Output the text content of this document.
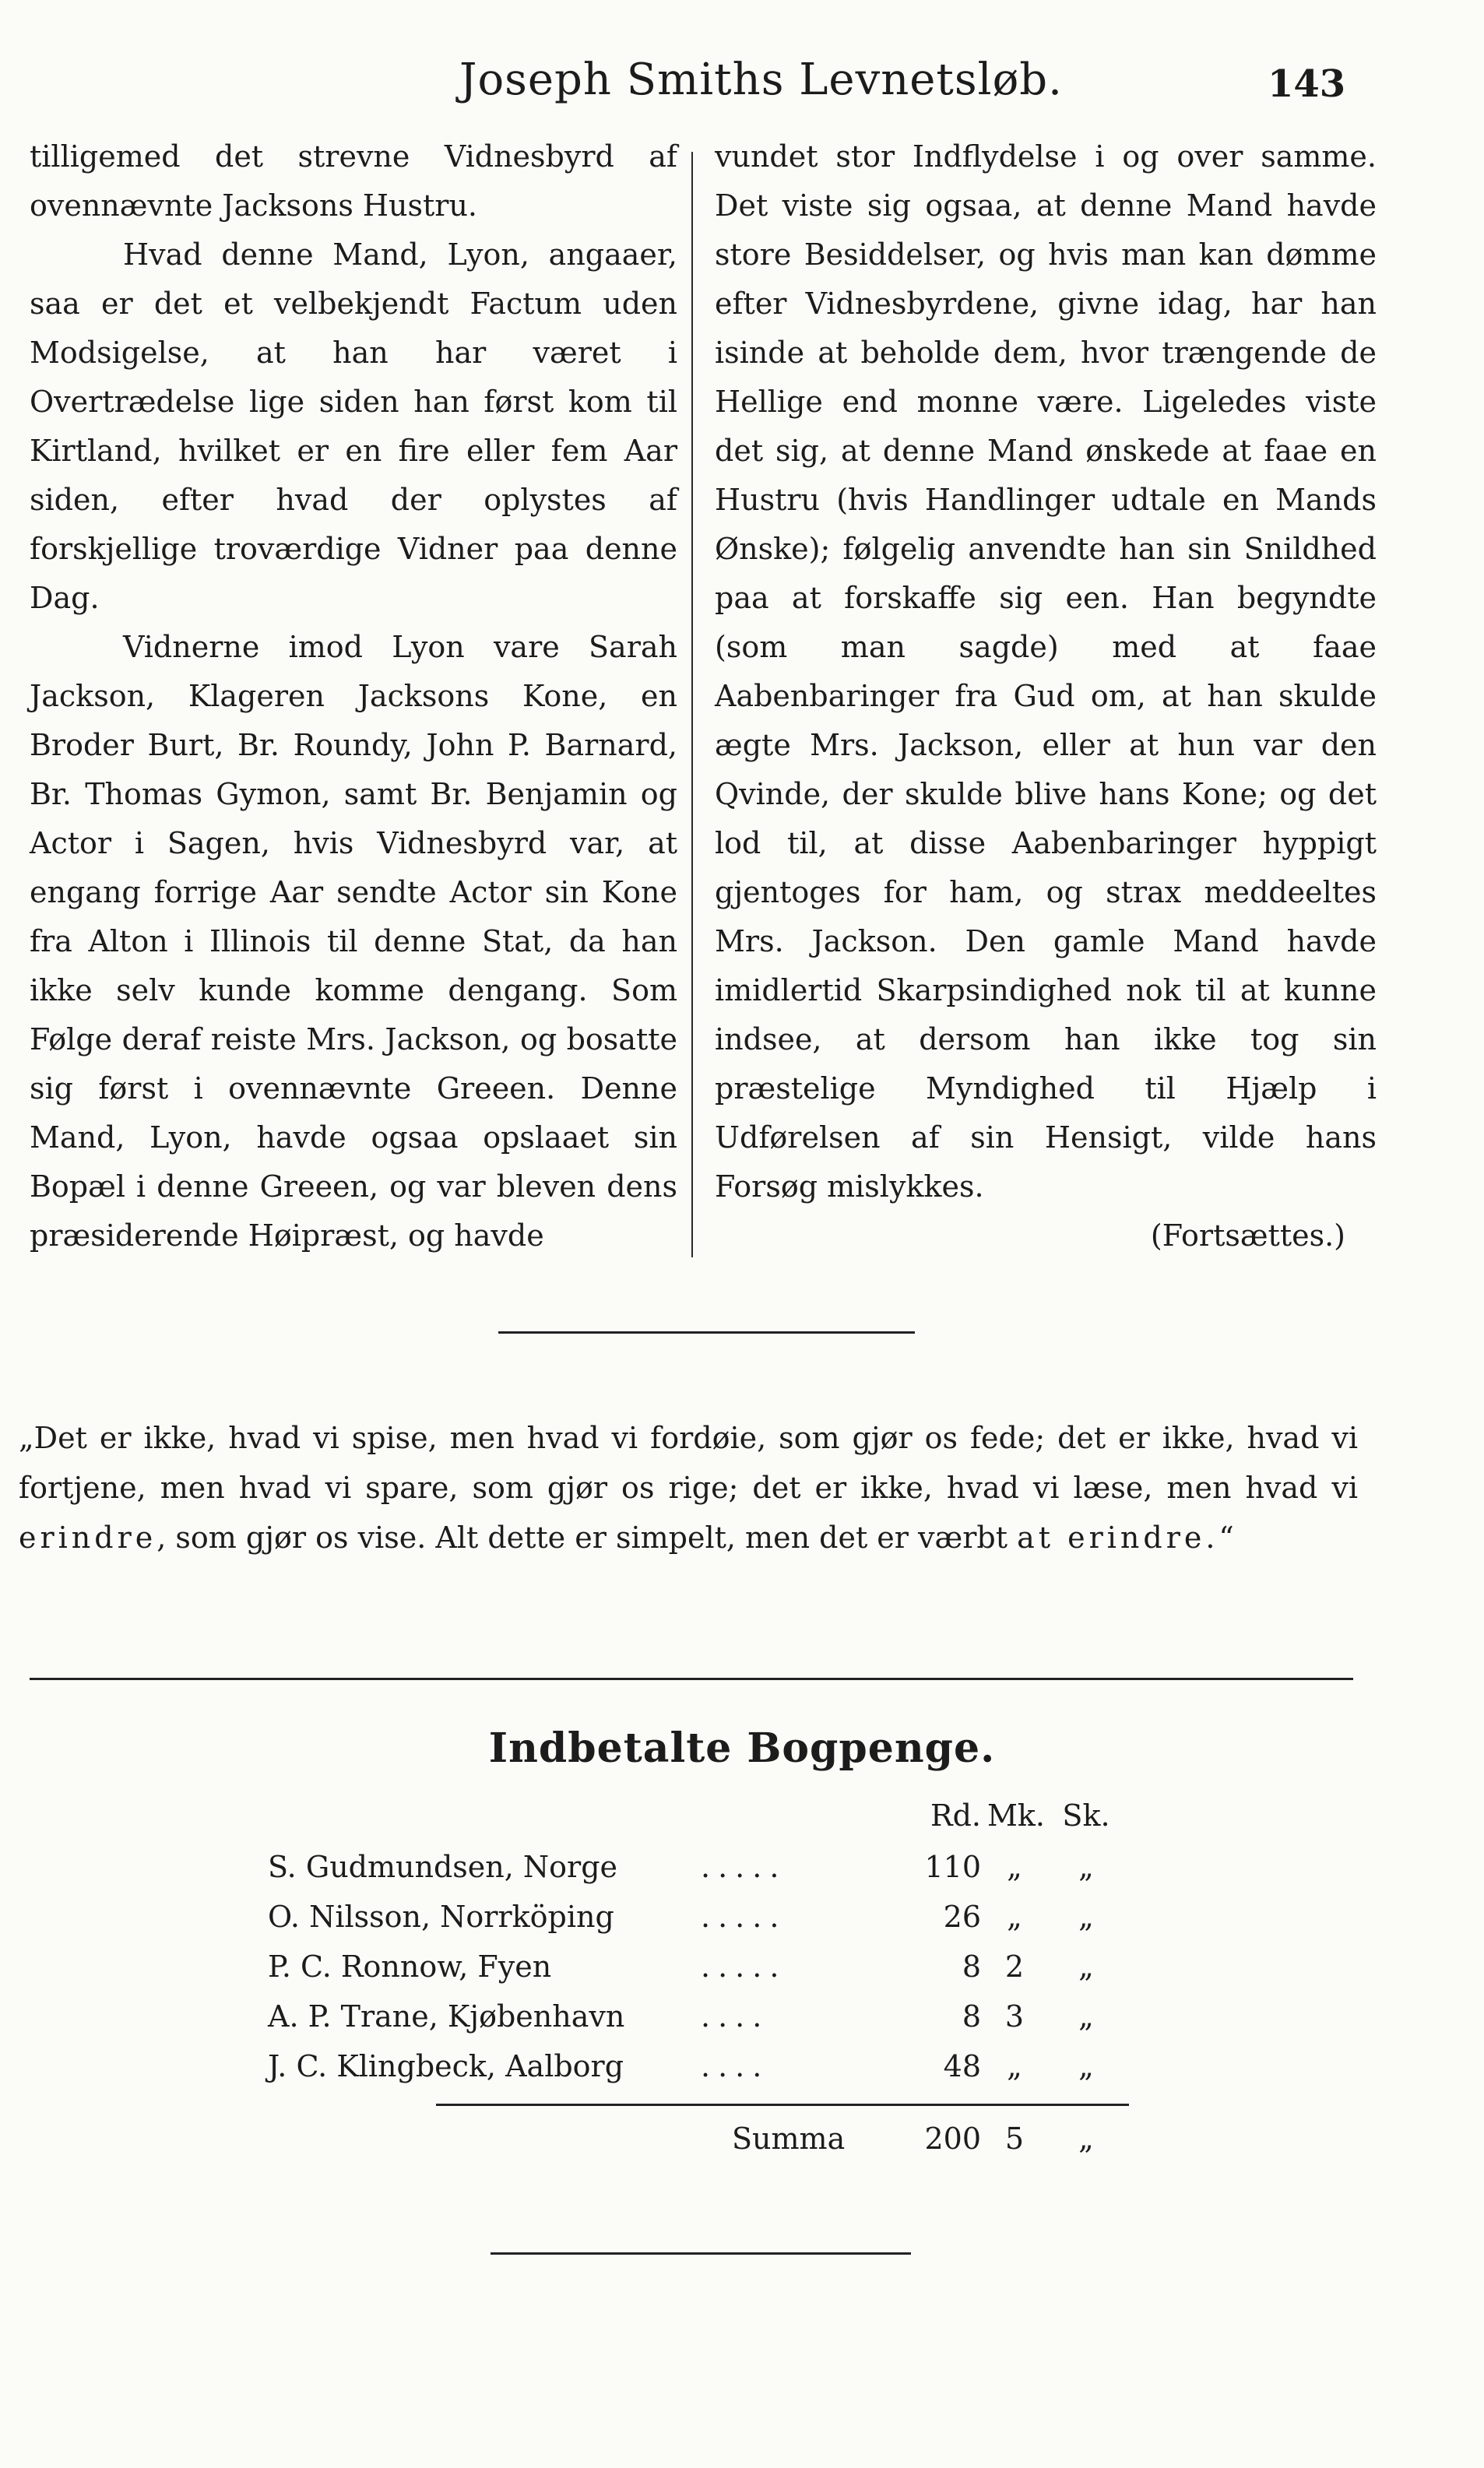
Joseph Smiths Levnetsløb.	143

tilligemed det strevne Vidnesbyrd af ovennævnte Jacksons Hustru.

Hvad denne Mand, Lyon, angaaer, saa er det et velbekjendt Factum uden Modsigelse, at han har været i Overtrædelse lige siden han først kom til Kirtland, hvilket er en fire eller fem Aar siden, efter hvad der oplystes af forskjellige troværdige Vidner paa denne Dag.

Vidnerne imod Lyon vare Sarah Jackson, Klageren Jacksons Kone, en Broder Burt, Br. Roundy, John P. Barnard, Br. Thomas Gymon, samt Br. Benjamin og Actor i Sagen, hvis Vidnesbyrd var, at engang forrige Aar sendte Actor sin Kone fra Alton i Illinois til denne Stat, da han ikke selv kunde komme dengang. Som Følge deraf reiste Mrs. Jackson, og bosatte sig først i ovennævnte Greeen. Denne Mand, Lyon, havde ogsaa opslaaet sin Bopæl i denne Greeen, og var bleven dens præsiderende Høipræst, og havde

vundet stor Indflydelse i og over samme. Det viste sig ogsaa, at denne Mand havde store Besiddelser, og hvis man kan dømme efter Vidnesbyrdene, givne idag, har han isinde at beholde dem, hvor trængende de Hellige end monne være. Ligeledes viste det sig, at denne Mand ønskede at faae en Hustru (hvis Handlinger udtale en Mands Ønske); følgelig anvendte han sin Snildhed paa at forskaffe sig een. Han begyndte (som man sagde) med at faae Aabenbaringer fra Gud om, at han skulde ægte Mrs. Jackson, eller at hun var den Qvinde, der skulde blive hans Kone; og det lod til, at disse Aabenbaringer hyppigt gjentoges for ham, og strax meddeeltes Mrs. Jackson. Den gamle Mand havde imidlertid Skarpsindighed nok til at kunne indsee, at dersom han ikke tog sin præstelige Myndighed til Hjælp i Udførelsen af sin Hensigt, vilde hans Forsøg mislykkes.

(Fortsættes.)

„Det er ikke, hvad vi spise, men hvad vi fordøie, som gjør os fede; det er ikke, hvad vi fortjene, men hvad vi spare, som gjør os rige; det er ikke, hvad vi læse, men hvad vi erindre, som gjør os vise. Alt dette er simpelt, men det er værbt at erindre.“
Indbetalte Bogpenge.
Rd. Mk. Sk.
S. Gudmundsen, Norge	.....	110 „	„
O. Nilsson, Norrköping	.....	26 „	„
P. C. Ronnow, Fyen	.....	8 2	„
A. P. Trane, Kjøbenhavn	....	8 3	„
J. C. Klingbeck, Aalborg	....	48 „	„
Summa	200 5	„
